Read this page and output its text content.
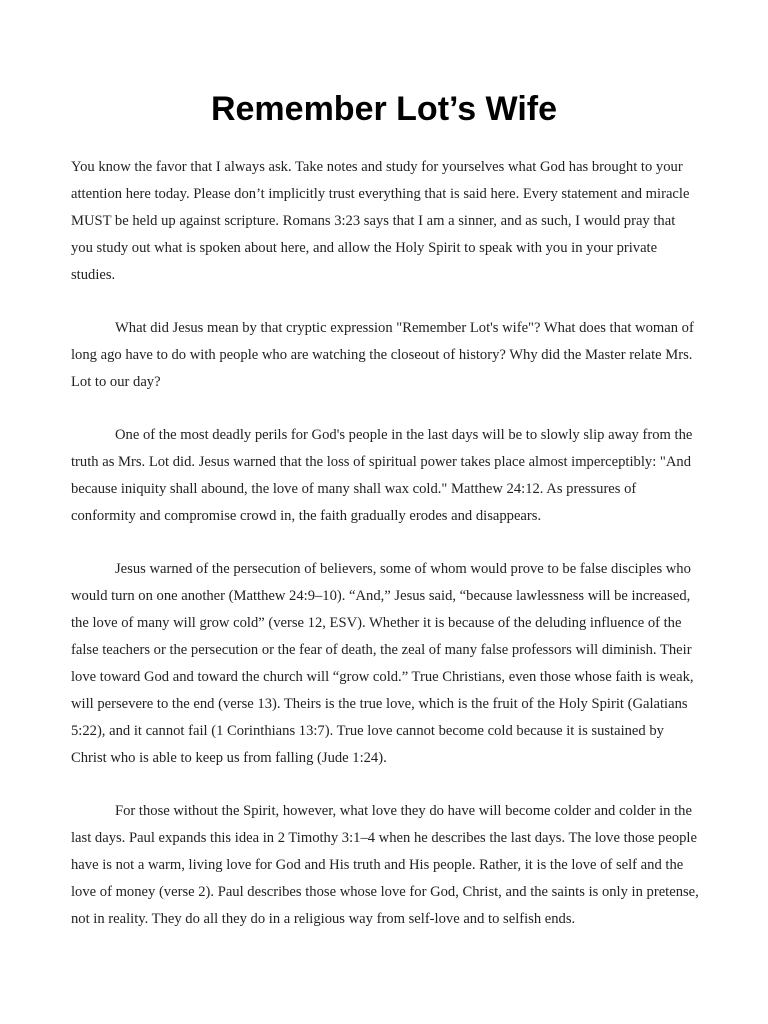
Remember Lot’s Wife

You know the favor that I always ask. Take notes and study for yourselves what God has brought to your attention here today. Please don’t implicitly trust everything that is said here. Every statement and miracle MUST be held up against scripture. Romans 3:23 says that I am a sinner, and as such, I would pray that you study out what is spoken about here, and allow the Holy Spirit to speak with you in your private studies.

What did Jesus mean by that cryptic expression "Remember Lot's wife"? What does that woman of long ago have to do with people who are watching the closeout of history? Why did the Master relate Mrs. Lot to our day?

One of the most deadly perils for God's people in the last days will be to slowly slip away from the truth as Mrs. Lot did. Jesus warned that the loss of spiritual power takes place almost imperceptibly: "And because iniquity shall abound, the love of many shall wax cold." Matthew 24:12. As pressures of conformity and compromise crowd in, the faith gradually erodes and disappears.

Jesus warned of the persecution of believers, some of whom would prove to be false disciples who would turn on one another (Matthew 24:9–10). “And,” Jesus said, “because lawlessness will be increased, the love of many will grow cold” (verse 12, ESV). Whether it is because of the deluding influence of the false teachers or the persecution or the fear of death, the zeal of many false professors will diminish. Their love toward God and toward the church will “grow cold.” True Christians, even those whose faith is weak, will persevere to the end (verse 13). Theirs is the true love, which is the fruit of the Holy Spirit (Galatians 5:22), and it cannot fail (1 Corinthians 13:7). True love cannot become cold because it is sustained by Christ who is able to keep us from falling (Jude 1:24).

For those without the Spirit, however, what love they do have will become colder and colder in the last days. Paul expands this idea in 2 Timothy 3:1–4 when he describes the last days. The love those people have is not a warm, living love for God and His truth and His people. Rather, it is the love of self and the love of money (verse 2). Paul describes those whose love for God, Christ, and the saints is only in pretense, not in reality. They do all they do in a religious way from self-love and to selfish ends.
